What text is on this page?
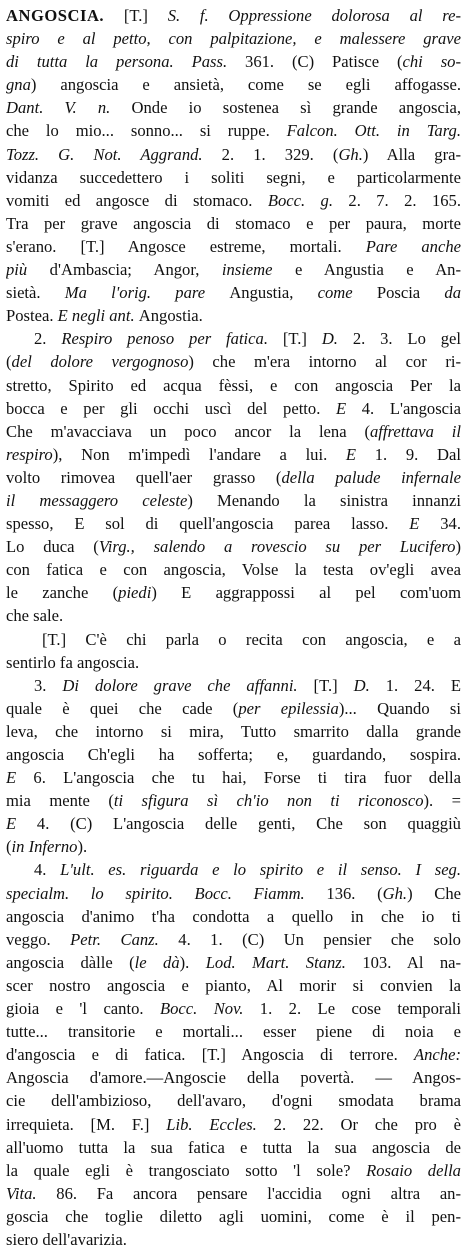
ANGOSCIA. [T.] S. f. Oppressione dolorosa al re-
spiro e al petto, con palpitazione, e malessere grave
di tutta la persona. Pass. 361. (C) Patisce (chi so-
gna) angoscia e ansietà, come se egli affogasse.
Dant. V. n. Onde io sostenea sì grande angoscia,
che lo mio... sonno... si ruppe. Falcon. Ott. in Targ.
Tozz. G. Not. Aggrand. 2. 1. 329. (Gh.) Alla gra-
vidanza succedettero i soliti segni, e particolarmente
vomiti ed angosce di stomaco. Bocc. g. 2. 7. 2. 165.
Tra per grave angoscia di stomaco e per paura, morte
s'erano. [T.] Angosce estreme, mortali. Pare anche
più d'Ambascia; Angor, insieme e Angustia e An-
sietà. Ma l'orig. pare Angustia, come Poscia da
Postea. E negli ant. Angostia.
2. Respiro penoso per fatica. [T.] D. 2. 3. Lo gel
(del dolore vergognoso) che m'era intorno al cor ri-
stretto, Spirito ed acqua fèssi, e con angoscia Per la
bocca e per gli occhi uscì del petto. E 4. L'angoscia
Che m'avacciava un poco ancor la lena (affrettava il
respiro), Non m'impedì l'andare a lui. E 1. 9. Dal
volto rimovea quell'aer grasso (della palude infernale
il messaggero celeste) Menando la sinistra innanzi
spesso, E sol di quell'angoscia parea lasso. E 34.
Lo duca (Virg., salendo a rovescio su per Lucifero)
con fatica e con angoscia, Volse la testa ov'egli avea
le zanche (piedi) E aggrappossi al pel com'uom
che sale.
[T.] C'è chi parla o recita con angoscia, e a
sentirlo fa angoscia.
3. Di dolore grave che affanni. [T.] D. 1. 24. E
quale è quei che cade (per epilessia)... Quando si
leva, che intorno si mira, Tutto smarrito dalla grande
angoscia Ch'egli ha sofferta; e, guardando, sospira.
E 6. L'angoscia che tu hai, Forse ti tira fuor della
mia mente (ti sfigura sì ch'io non ti riconosco). =
E 4. (C) L'angoscia delle genti, Che son quaggiù
(in Inferno).
4. L'ult. es. riguarda e lo spirito e il senso. I seg.
specialm. lo spirito. Bocc. Fiamm. 136. (Gh.) Che
angoscia d'animo t'ha condotta a quello in che io ti
veggo. Petr. Canz. 4. 1. (C) Un pensier che solo
angoscia dàlle (le dà). Lod. Mart. Stanz. 103. Al na-
scer nostro angoscia e pianto, Al morir si convien la
gioia e 'l canto. Bocc. Nov. 1. 2. Le cose temporali
tutte... transitorie e mortali... esser piene di noia e
d'angoscia e di fatica. [T.] Angoscia di terrore. Anche:
Angoscia d'amore.—Angoscie della povertà. — Angos-
cie dell'ambizioso, dell'avaro, d'ogni smodata brama
irrequieta. [M. F.] Lib. Eccles. 2. 22. Or che pro è
all'uomo tutta la sua fatica e tutta la sua angoscia de
la quale egli è trangosciato sotto 'l sole? Rosaio della
Vita. 86. Fa ancora pensare l'accidia ogni altra an-
goscia che toglie diletto agli uomini, come è il pen-
siero dell'avarizia.
